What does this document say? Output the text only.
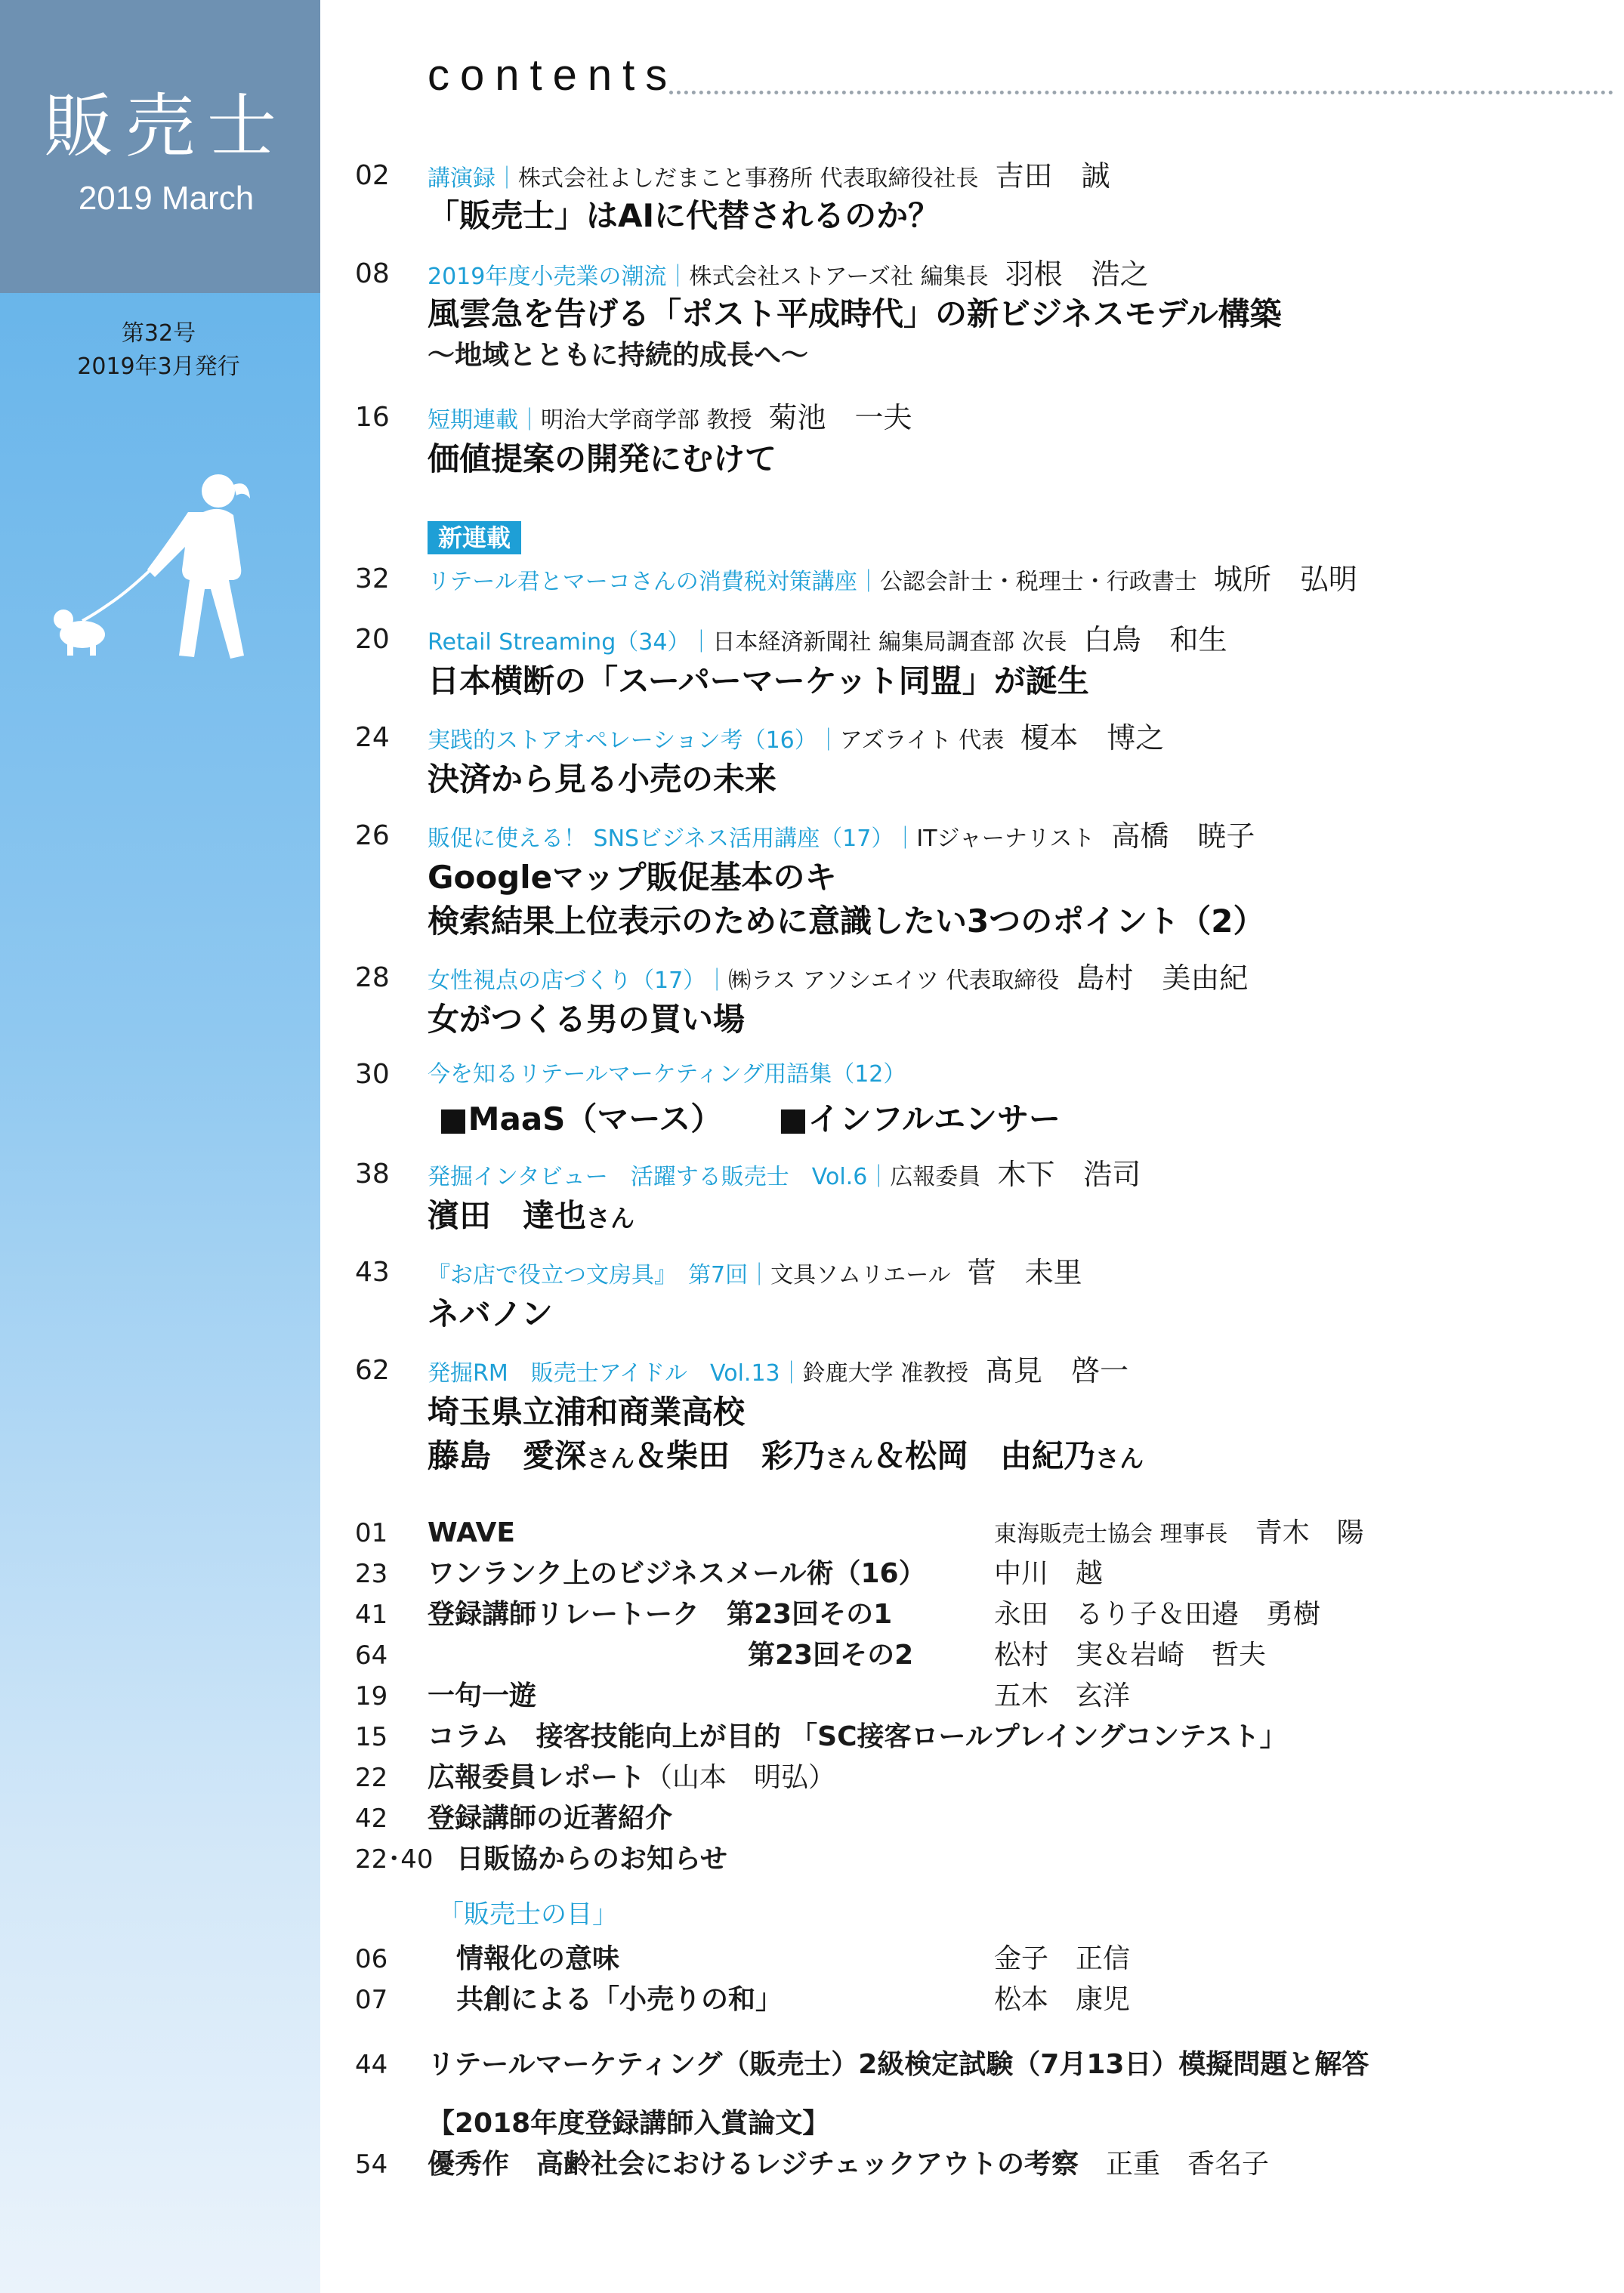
販売士
2019 March
第32号
2019年3月発行
contents
02 講演録｜株式会社よしだまこと事務所 代表取締役社長 吉田　誠
「販売士」はAIに代替されるのか？
08 2019年度小売業の潮流｜株式会社ストアーズ社 編集長 羽根　浩之
風雲急を告げる「ポスト平成時代」の新ビジネスモデル構築
～地域とともに持続的成長へ～
16 短期連載｜明治大学商学部 教授 菊池　一夫
価値提案の開発にむけて
新連載
32 リテール君とマーコさんの消費税対策講座｜公認会計士・税理士・行政書士 城所　弘明
20 Retail Streaming（34）｜日本経済新聞社 編集局調査部 次長 白鳥　和生
日本横断の「スーパーマーケット同盟」が誕生
24 実践的ストアオペレーション考（16）｜アズライト 代表 榎本　博之
決済から見る小売の未来
26 販促に使える！ SNSビジネス活用講座（17）｜ITジャーナリスト 高橋　暁子
Googleマップ販促基本のキ
検索結果上位表示のために意識したい3つのポイント（2）
28 女性視点の店づくり（17）｜㈱ラス アソシエイツ 代表取締役 島村　美由紀
女がつくる男の買い場
30 今を知るリテールマーケティング用語集（12）
■MaaS（マース） ■インフルエンサー
38 発掘インタビュー　活躍する販売士　Vol.6｜広報委員 木下　浩司
濱田　達也さん
43 『お店で役立つ文房具』　第7回｜文具ソムリエール 菅　未里
ネバノン
62 発掘RM　販売士アイドル　Vol.13｜鈴鹿大学 准教授 髙見　啓一
埼玉県立浦和商業高校
藤島　愛深さん＆柴田　彩乃さん＆松岡　由紀乃さん
01 WAVE	東海販売士協会 理事長　 青木　陽
23 ワンランク上のビジネスメール術（16）	中川　越
41 登録講師リレートーク　第23回その1	永田　るり子＆田邉　勇樹
64	第23回その2	松村　実＆岩崎　哲夫
19 一句一遊	五木　玄洋
15 コラム　接客技能向上が目的 「SC接客ロールプレイングコンテスト」
22 広報委員レポート（山本　明弘）
42 登録講師の近著紹介
22･40 日販協からのお知らせ
「販売士の目」
06	情報化の意味	金子　正信
07	共創による「小売りの和」	松本　康児
44 リテールマーケティング（販売士）2級検定試験（7月13日）模擬問題と解答
【2018年度登録講師入賞論文】
54 優秀作　高齢社会におけるレジチェックアウトの考察　 正重　香名子
